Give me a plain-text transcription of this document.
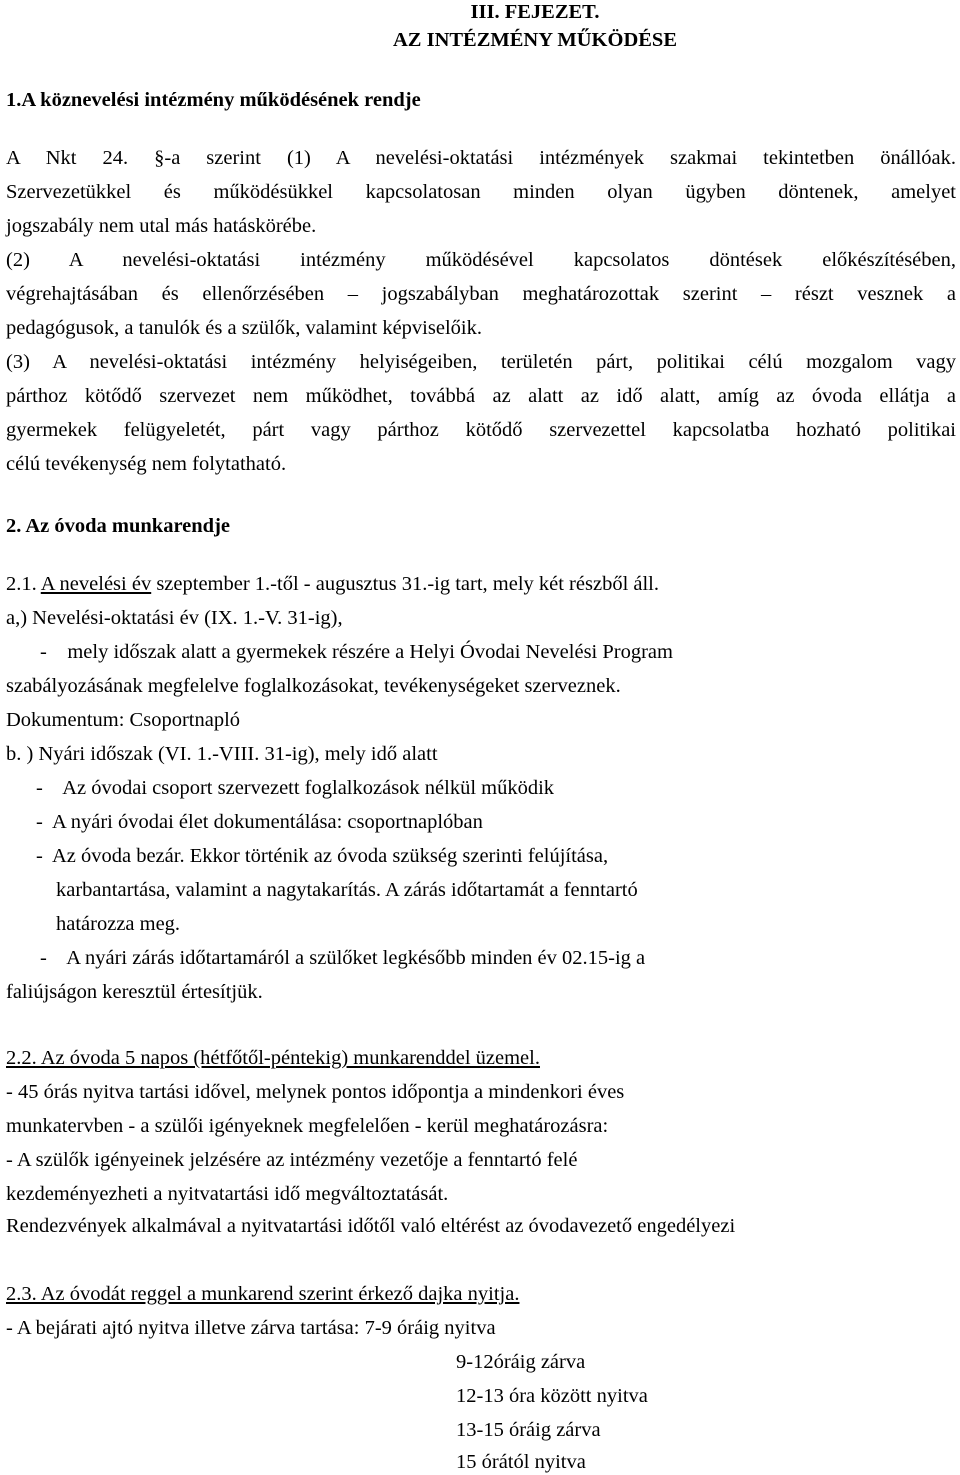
III. FEJEZET.
AZ INTÉZMÉNY MŰKÖDÉSE
1.A köznevelési intézmény működésének rendje
A Nkt 24. §-a szerint (1) A nevelési-oktatási intézmények szakmai tekintetben önállóak.
Szervezetükkel és működésükkel kapcsolatosan minden olyan ügyben döntenek, amelyet
jogszabály nem utal más hatáskörébe.
(2) A nevelési-oktatási intézmény működésével kapcsolatos döntések előkészítésében,
végrehajtásában és ellenőrzésében – jogszabályban meghatározottak szerint – részt vesznek a
pedagógusok, a tanulók és a szülők, valamint képviselőik.
(3) A nevelési-oktatási intézmény helyiségeiben, területén párt, politikai célú mozgalom vagy
párthoz kötődő szervezet nem működhet, továbbá az alatt az idő alatt, amíg az óvoda ellátja a
gyermekek felügyeletét, párt vagy párthoz kötődő szervezettel kapcsolatba hozható politikai
célú tevékenység nem folytatható.
2. Az óvoda munkarendje
2.1. A nevelési év szeptember 1.-től - augusztus 31.-ig tart, mely két részből áll.
a,) Nevelési-oktatási év (IX. 1.-V. 31-ig),
-    mely időszak alatt a gyermekek részére a Helyi Óvodai Nevelési Program
szabályozásának megfelelve foglalkozásokat, tevékenységeket szerveznek.
Dokumentum: Csoportnapló
b. ) Nyári időszak (VI. 1.-VIII. 31-ig), mely idő alatt
-    Az óvodai csoport szervezett foglalkozások nélkül működik
-  A nyári óvodai élet dokumentálása: csoportnaplóban
-  Az óvoda bezár. Ekkor történik az óvoda szükség szerinti felújítása,
karbantartása, valamint a nagytakarítás. A zárás időtartamát a fenntartó
határozza meg.
-    A nyári zárás időtartamáról a szülőket legkésőbb minden év 02.15-ig a
faliújságon keresztül értesítjük.
2.2. Az óvoda 5 napos (hétfőtől-péntekig) munkarenddel üzemel.
- 45 órás nyitva tartási idővel, melynek pontos időpontja a mindenkori éves
munkatervben - a szülői igényeknek megfelelően - kerül meghatározásra:
- A szülők igényeinek jelzésére az intézmény vezetője a fenntartó felé
kezdeményezheti a nyitvatartási idő megváltoztatását.
Rendezvények alkalmával a nyitvatartási időtől való eltérést az óvodavezető engedélyezi
2.3. Az óvodát reggel a munkarend szerint érkező dajka nyitja.
- A bejárati ajtó nyitva illetve zárva tartása: 7-9 óráig nyitva
9-12óráig zárva
12-13 óra között nyitva
13-15 óráig zárva
15 órától nyitva
